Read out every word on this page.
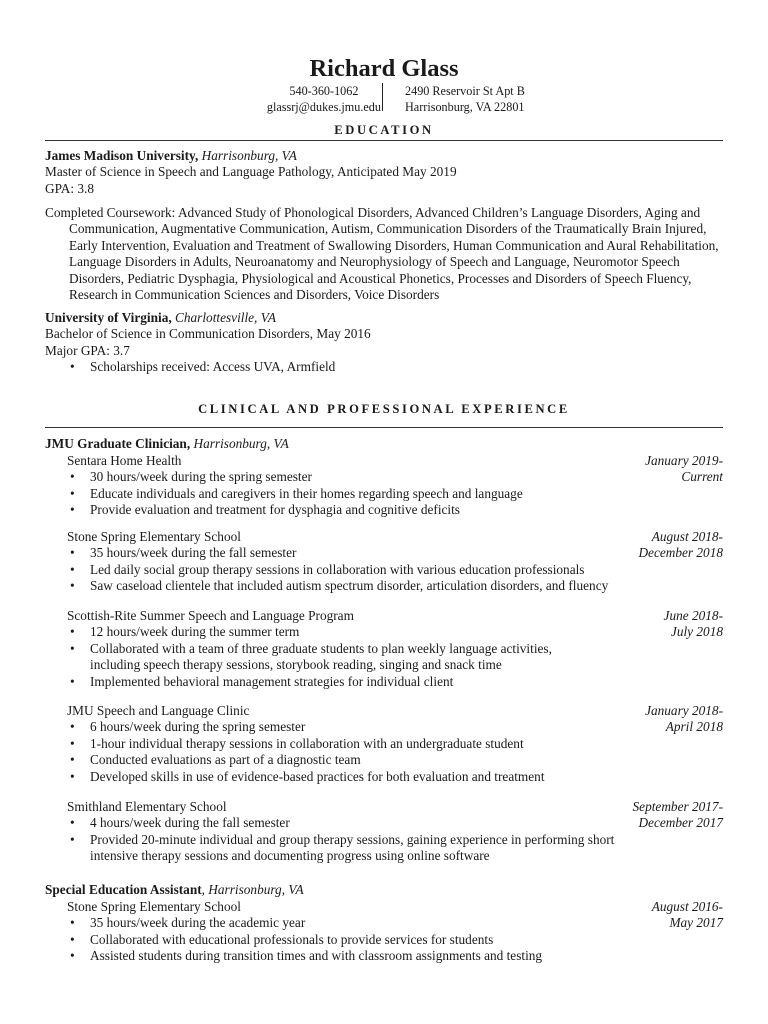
Richard Glass
540-360-1062
glassrj@dukes.jmu.edu
2490 Reservoir St Apt B
Harrisonburg, VA 22801
EDUCATION
James Madison University, Harrisonburg, VA
Master of Science in Speech and Language Pathology, Anticipated May 2019
GPA: 3.8
Completed Coursework: Advanced Study of Phonological Disorders, Advanced Children’s Language Disorders, Aging and Communication, Augmentative Communication, Autism, Communication Disorders of the Traumatically Brain Injured, Early Intervention, Evaluation and Treatment of Swallowing Disorders, Human Communication and Aural Rehabilitation, Language Disorders in Adults, Neuroanatomy and Neurophysiology of Speech and Language, Neuromotor Speech Disorders, Pediatric Dysphagia, Physiological and Acoustical Phonetics, Processes and Disorders of Speech Fluency, Research in Communication Sciences and Disorders, Voice Disorders
University of Virginia, Charlottesville, VA
Bachelor of Science in Communication Disorders, May 2016
Major GPA: 3.7
• Scholarships received: Access UVA, Armfield
CLINICAL AND PROFESSIONAL EXPERIENCE
JMU Graduate Clinician, Harrisonburg, VA
Sentara Home Health	January 2019-
Current
• 30 hours/week during the spring semester
• Educate individuals and caregivers in their homes regarding speech and language
• Provide evaluation and treatment for dysphagia and cognitive deficits
Stone Spring Elementary School	August 2018-
December 2018
• 35 hours/week during the fall semester
• Led daily social group therapy sessions in collaboration with various education professionals
• Saw caseload clientele that included autism spectrum disorder, articulation disorders, and fluency
Scottish-Rite Summer Speech and Language Program	June 2018-
July 2018
• 12 hours/week during the summer term
• Collaborated with a team of three graduate students to plan weekly language activities, including speech therapy sessions, storybook reading, singing and snack time
• Implemented behavioral management strategies for individual client
JMU Speech and Language Clinic	January 2018-
April 2018
• 6 hours/week during the spring semester
• 1-hour individual therapy sessions in collaboration with an undergraduate student
• Conducted evaluations as part of a diagnostic team
• Developed skills in use of evidence-based practices for both evaluation and treatment
Smithland Elementary School	September 2017-
December 2017
• 4 hours/week during the fall semester
• Provided 20-minute individual and group therapy sessions, gaining experience in performing short intensive therapy sessions and documenting progress using online software
Special Education Assistant, Harrisonburg, VA
Stone Spring Elementary School	August 2016-
May 2017
• 35 hours/week during the academic year
• Collaborated with educational professionals to provide services for students
• Assisted students during transition times and with classroom assignments and testing
